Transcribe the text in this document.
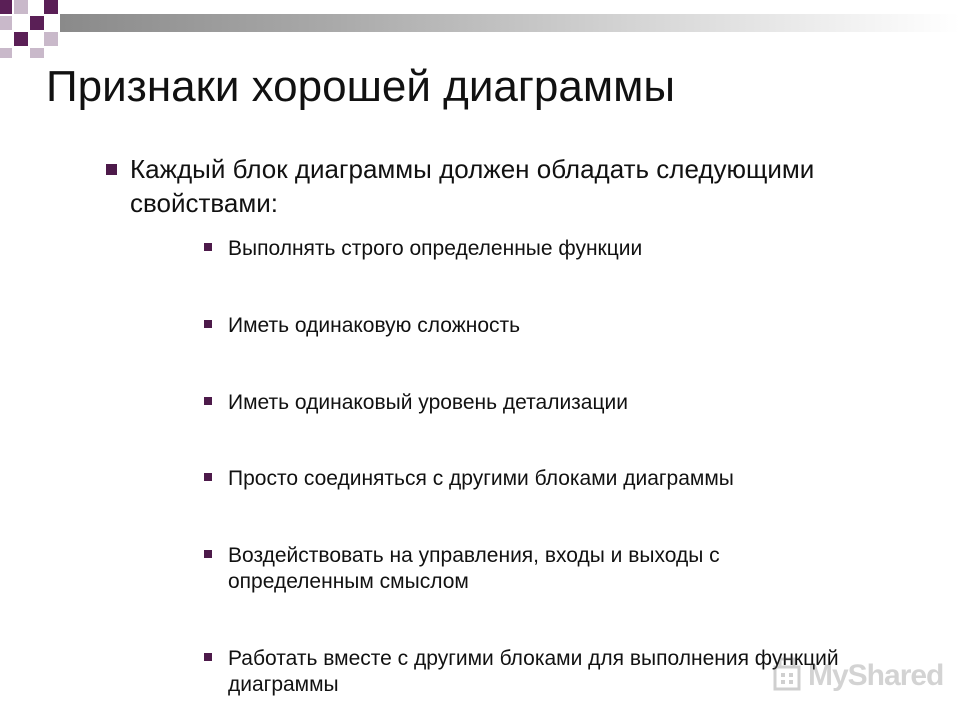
Признаки хорошей диаграммы
Каждый блок диаграммы должен обладать следующими свойствами:
Выполнять строго определенные функции
Иметь одинаковую сложность
Иметь одинаковый уровень детализации
Просто соединяться с другими блоками диаграммы
Воздействовать на управления, входы и выходы с определенным смыслом
Работать вместе с другими блоками для выполнения функций диаграммы	MyShared
